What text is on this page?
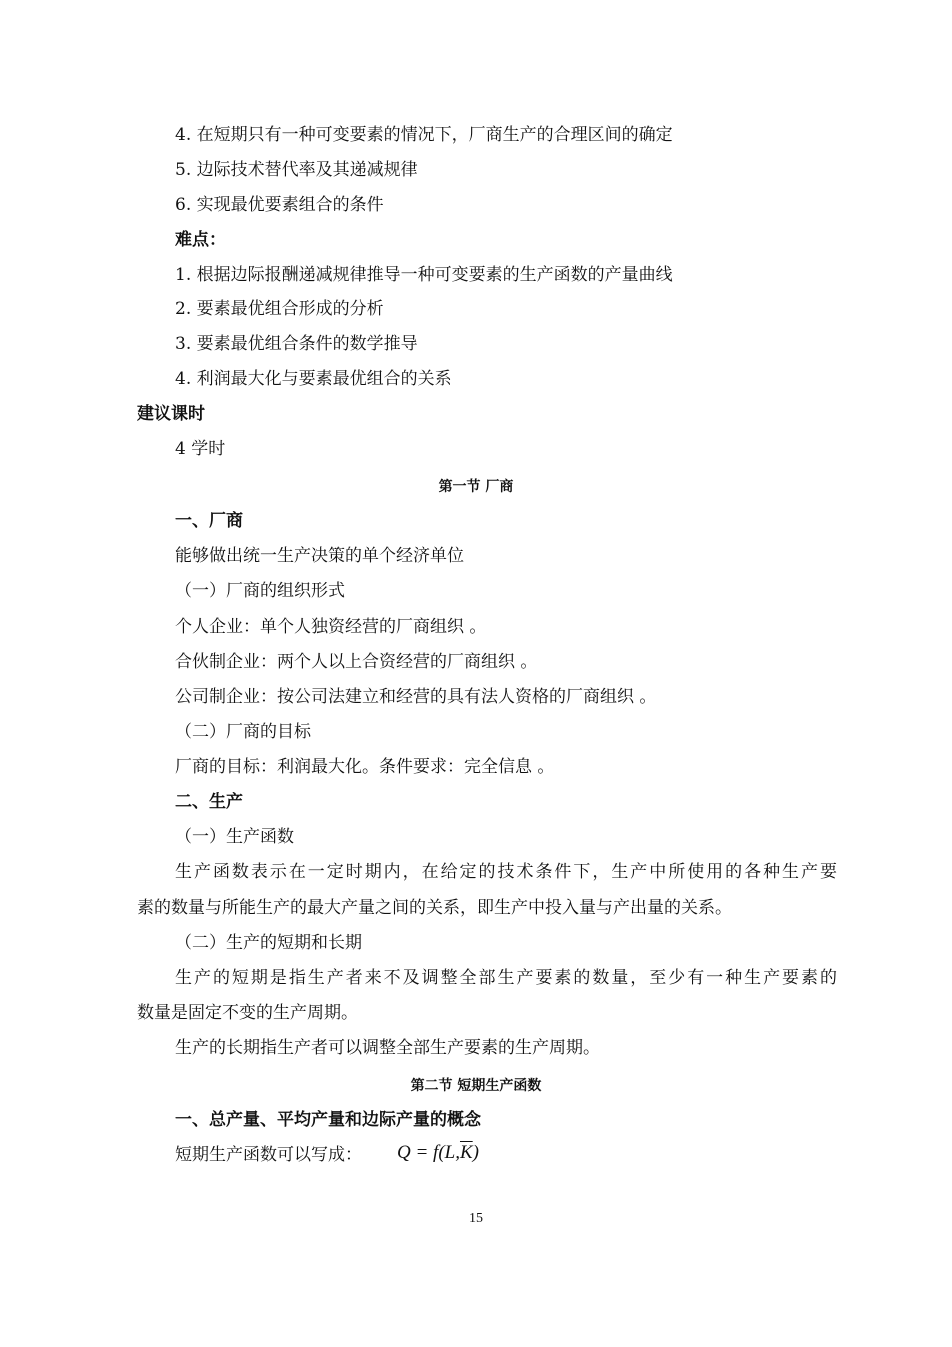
4. 在短期只有一种可变要素的情况下，厂商生产的合理区间的确定
5. 边际技术替代率及其递减规律
6. 实现最优要素组合的条件
难点：
1. 根据边际报酬递减规律推导一种可变要素的生产函数的产量曲线
2. 要素最优组合形成的分析
3. 要素最优组合条件的数学推导
4. 利润最大化与要素最优组合的关系
建议课时
4 学时
第一节 厂商
一、厂商
能够做出统一生产决策的单个经济单位
（一）厂商的组织形式
个人企业：单个人独资经营的厂商组织 。
合伙制企业：两个人以上合资经营的厂商组织 。
公司制企业：按公司法建立和经营的具有法人资格的厂商组织 。
（二）厂商的目标
厂商的目标：利润最大化。条件要求：完全信息 。
二、生产
（一）生产函数
生产函数表示在一定时期内，在给定的技术条件下，生产中所使用的各种生产要
素的数量与所能生产的最大产量之间的关系，即生产中投入量与产出量的关系。
（二）生产的短期和长期
生产的短期是指生产者来不及调整全部生产要素的数量，至少有一种生产要素的
数量是固定不变的生产周期。
生产的长期指生产者可以调整全部生产要素的生产周期。
第二节 短期生产函数
一、总产量、平均产量和边际产量的概念
短期生产函数可以写成： $Q = f(L,\overline{K})$
15
